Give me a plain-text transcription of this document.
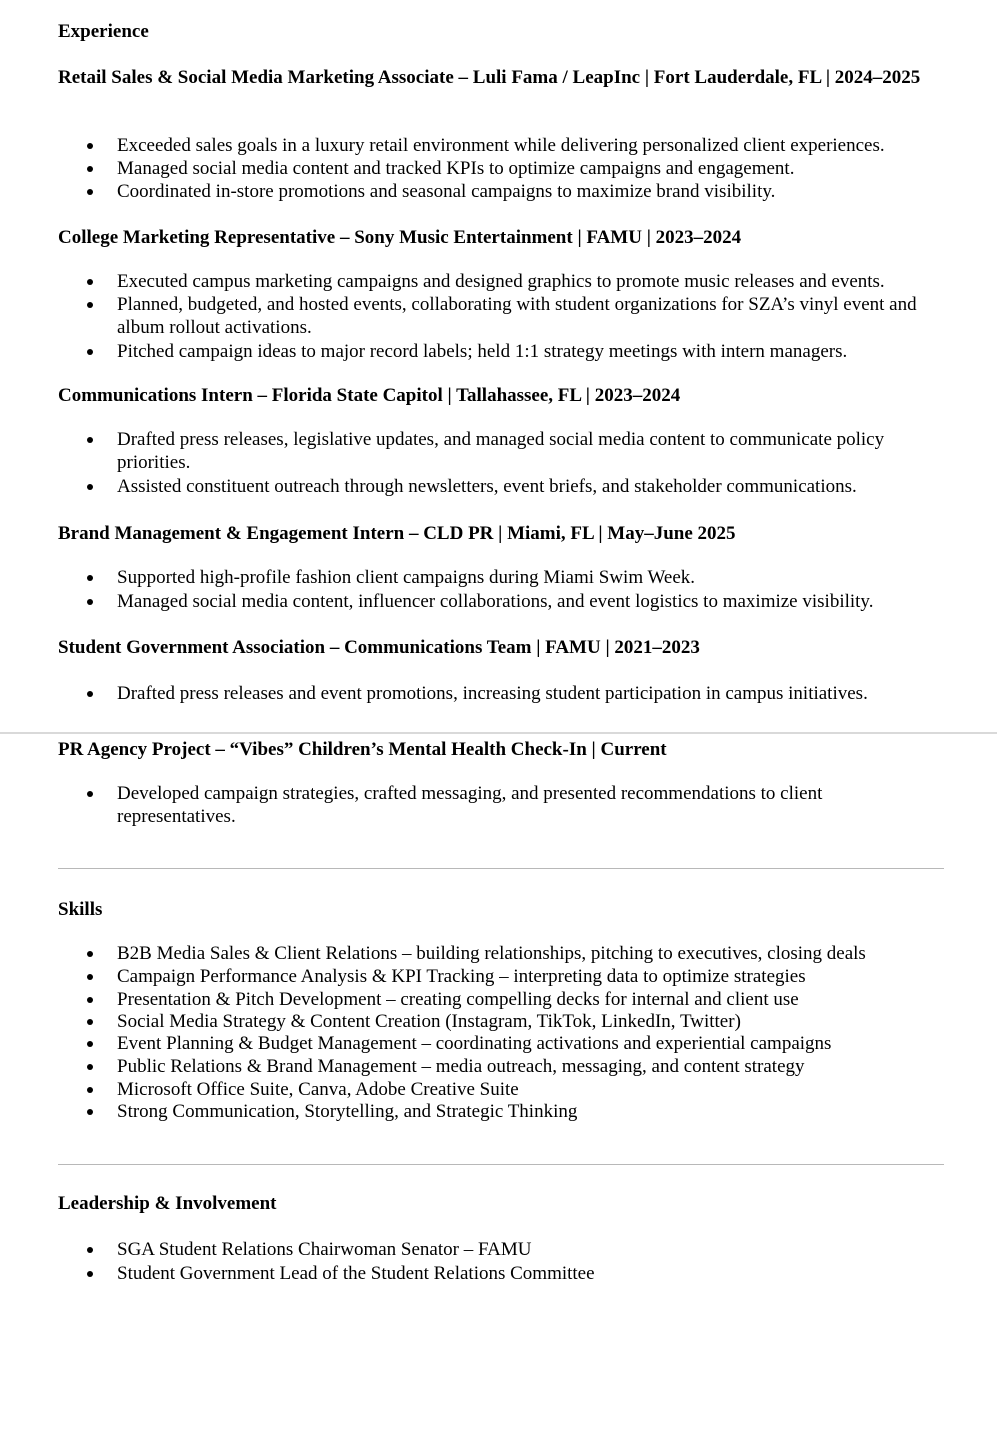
Experience
Retail Sales & Social Media Marketing Associate – Luli Fama / LeapInc | Fort Lauderdale, FL | 2024–2025
Exceeded sales goals in a luxury retail environment while delivering personalized client experiences.
Managed social media content and tracked KPIs to optimize campaigns and engagement.
Coordinated in-store promotions and seasonal campaigns to maximize brand visibility.
College Marketing Representative – Sony Music Entertainment | FAMU | 2023–2024
Executed campus marketing campaigns and designed graphics to promote music releases and events.
Planned, budgeted, and hosted events, collaborating with student organizations for SZA’s vinyl event and album rollout activations.
Pitched campaign ideas to major record labels; held 1:1 strategy meetings with intern managers.
Communications Intern – Florida State Capitol | Tallahassee, FL | 2023–2024
Drafted press releases, legislative updates, and managed social media content to communicate policy priorities.
Assisted constituent outreach through newsletters, event briefs, and stakeholder communications.
Brand Management & Engagement Intern – CLD PR | Miami, FL | May–June 2025
Supported high-profile fashion client campaigns during Miami Swim Week.
Managed social media content, influencer collaborations, and event logistics to maximize visibility.
Student Government Association – Communications Team | FAMU | 2021–2023
Drafted press releases and event promotions, increasing student participation in campus initiatives.
PR Agency Project – “Vibes” Children’s Mental Health Check-In | Current
Developed campaign strategies, crafted messaging, and presented recommendations to client representatives.
Skills
B2B Media Sales & Client Relations – building relationships, pitching to executives, closing deals
Campaign Performance Analysis & KPI Tracking – interpreting data to optimize strategies
Presentation & Pitch Development – creating compelling decks for internal and client use
Social Media Strategy & Content Creation (Instagram, TikTok, LinkedIn, Twitter)
Event Planning & Budget Management – coordinating activations and experiential campaigns
Public Relations & Brand Management – media outreach, messaging, and content strategy
Microsoft Office Suite, Canva, Adobe Creative Suite
Strong Communication, Storytelling, and Strategic Thinking
Leadership & Involvement
SGA Student Relations Chairwoman Senator – FAMU
Student Government Lead of the Student Relations Committee
